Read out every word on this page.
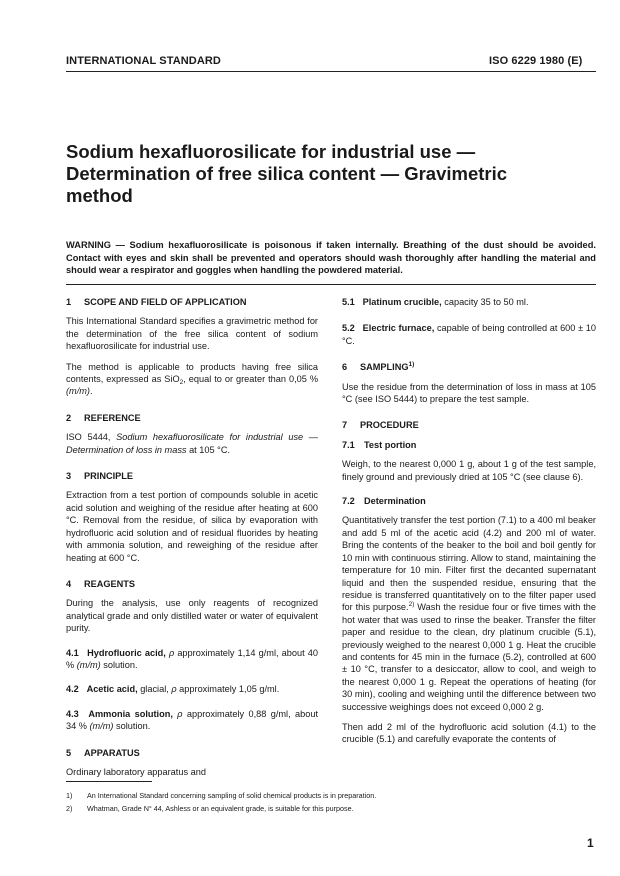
INTERNATIONAL STANDARD	ISO 6229 1980 (E)
Sodium hexafluorosilicate for industrial use —
Determination of free silica content — Gravimetric
method
WARNING — Sodium hexafluorosilicate is poisonous if taken internally. Breathing of the dust should be avoided. Contact with eyes and skin shall be prevented and operators should wash thoroughly after handling the material and should wear a respirator and goggles when handling the powdered material.
1 SCOPE AND FIELD OF APPLICATION

This International Standard specifies a gravimetric method for the determination of the free silica content of sodium hexafluorosilicate for industrial use.

The method is applicable to products having free silica contents, expressed as SiO$_2$, equal to or greater than 0,05 % (m/m).

2 REFERENCE

ISO 5444, Sodium hexafluorosilicate for industrial use — Determination of loss in mass at 105 °C.

3 PRINCIPLE

Extraction from a test portion of compounds soluble in acetic acid solution and weighing of the residue after heating at 600 °C. Removal from the residue, of silica by evaporation with hydrofluoric acid solution and of residual fluorides by heating with ammonia solution, and reweighing of the residue after heating at 600 °C.

4 REAGENTS

During the analysis, use only reagents of recognized analytical grade and only distilled water or water of equivalent purity.

4.1 Hydrofluoric acid, ρ approximately 1,14 g/ml, about 40 % (m/m) solution.

4.2 Acetic acid, glacial, ρ approximately 1,05 g/ml.

4.3 Ammonia solution, ρ approximately 0,88 g/ml, about 34 % (m/m) solution.

5 APPARATUS

Ordinary laboratory apparatus and

5.1 Platinum crucible, capacity 35 to 50 ml.

5.2 Electric furnace, capable of being controlled at 600 ± 10 °C.

6 SAMPLING$^{1)}$

Use the residue from the determination of loss in mass at 105 °C (see ISO 5444) to prepare the test sample.

7 PROCEDURE
7.1 Test portion

Weigh, to the nearest 0,000 1 g, about 1 g of the test sample, finely ground and previously dried at 105 °C (see clause 6).

7.2 Determination

Quantitatively transfer the test portion (7.1) to a 400 ml beaker and add 5 ml of the acetic acid (4.2) and 200 ml of water. Bring the contents of the beaker to the boil and boil gently for 10 min with continuous stirring. Allow to stand, maintaining the temperature for 10 min. Filter first the decanted supernatant liquid and then the suspended residue, ensuring that the residue is transferred quantitatively on to the filter paper used for this purpose.$^{2)}$ Wash the residue four or five times with the hot water that was used to rinse the beaker. Transfer the filter paper and residue to the clean, dry platinum crucible (5.1), previously weighed to the nearest 0,000 1 g. Heat the crucible and contents for 45 min in the furnace (5.2), controlled at 600 ± 10 °C, transfer to a desiccator, allow to cool, and weigh to the nearest 0,000 1 g. Repeat the operations of heating (for 30 min), cooling and weighing until the difference between two successive weighings does not exceed 0,000 2 g.

Then add 2 ml of the hydrofluoric acid solution (4.1) to the crucible (5.1) and carefully evaporate the contents of

1)	An International Standard concerning sampling of solid chemical products is in preparation.
2)	Whatman, Grade N° 44, Ashless or an equivalent grade, is suitable for this purpose.
1
